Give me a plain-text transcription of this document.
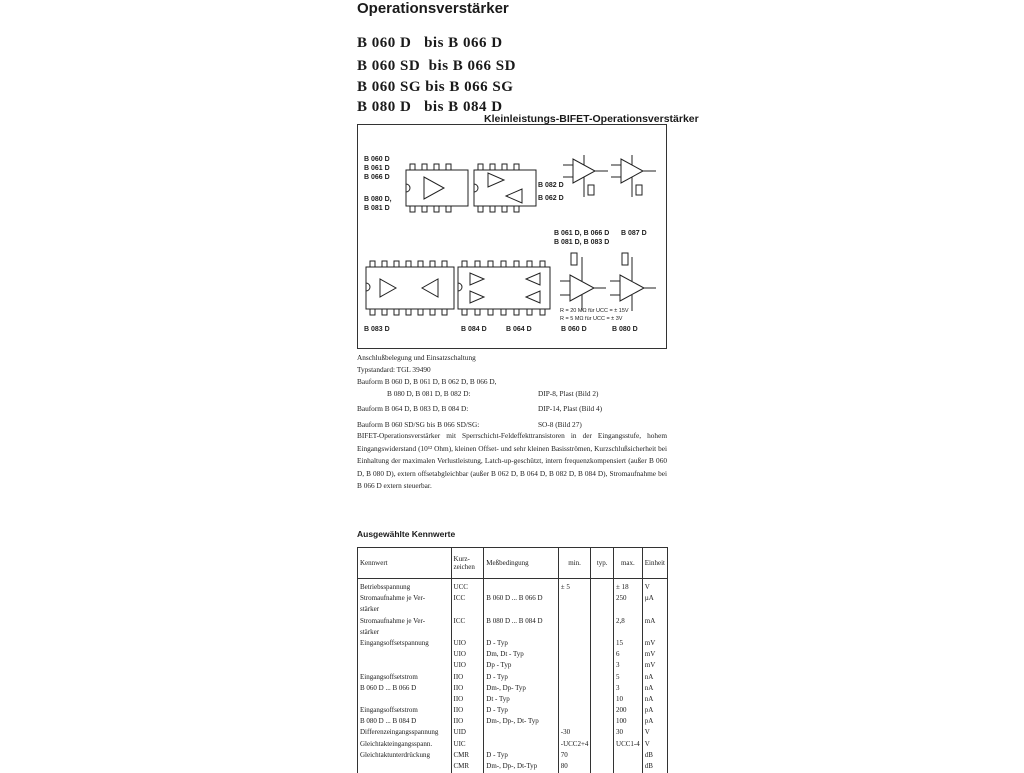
Operationsverstärker
B 060 D   bis B 066 D
B 060 SD  bis B 066 SD
B 060 SG bis B 066 SG
B 080 D   bis B 084 D
Kleinleistungs-BIFET-Operationsverstärker
B 060 D
B 061 D
B 066 D
B 080 D,
B 081 D
B 082 D
B 062 D
B 061 D, B 066 D B 087 D
B 081 D, B 083 D
R = 20 MΩ für UCC = ± 15V
R = 5 MΩ für UCC = ± 3V
B 083 D	B 084 D	B 064 D	B 060 D	B 080 D
Anschlußbelegung und Einsatzschaltung
Typstandard: TGL 39490
Bauform B 060 D, B 061 D, B 062 D, B 066 D,
B 080 D, B 081 D, B 082 D:	DIP-8, Plast (Bild 2)
Bauform B 064 D, B 083 D, B 084 D:	DIP-14, Plast (Bild 4)
Bauform B 060 SD/SG bis B 066 SD/SG:	SO-8 (Bild 27)
BIFET-Operationsverstärker mit Sperrschicht-Feldeffekttransistoren in der Eingangsstufe, hohem Eingangswiderstand (10¹² Ohm), kleinen Offset- und sehr kleinen Basisströmen, Kurzschlußsicherheit bei Einhaltung der maximalen Verlustleistung, Latch-up-geschützt, intern frequenzkompensiert (außer B 060 D, B 080 D), extern offsetabgleichbar (außer B 062 D, B 064 D, B 082 D, B 084 D), Stromaufnahme bei B 066 D extern steuerbar.
Ausgewählte Kennwerte
Kennwert	Kurz-
zeichen	Meßbedingung	min.	typ.	max.	Einheit
Betriebsspannung	UCC		± 5		± 18	V
Stromaufnahme je Ver-	ICC	B 060 D ... B 066 D			250	µA
stärker						
Stromaufnahme je Ver-	ICC	B 080 D ... B 084 D			2,8	mA
stärker						
Eingangsoffsetspannung	UIO	D - Typ			15	mV
	UIO	Dm, Dt - Typ			6	mV
	UIO	Dp - Typ			3	mV
Eingangsoffsetstrom	IIO	D - Typ			5	nA
B 060 D ... B 066 D	IIO	Dm-, Dp- Typ			3	nA
	IIO	Dt - Typ			10	nA
Eingangsoffsetstrom	IIO	D - Typ			200	pA
B 080 D ... B 084 D	IIO	Dm-, Dp-, Dt- Typ			100	pA
Differenzeingangsspannung	UID		-30		30	V
Gleichtakteingangsspann.	UIC		-UCC2+4		UCC1-4	V
Gleichtaktunterdrückung	CMR	D - Typ	70			dB
	CMR	Dm-, Dp-, Dt-Typ	80			dB
